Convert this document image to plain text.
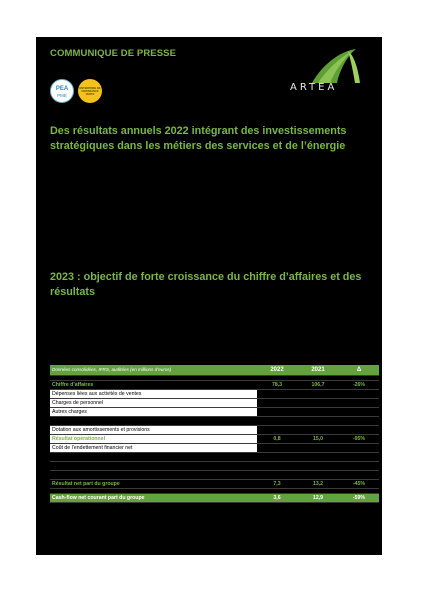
COMMUNIQUE DE PRESSE
PEA
PME
ENTERPRISE DE CROISSANCE VERTE
ARTEA
Des résultats annuels 2022 intégrant des investissements stratégiques dans les métiers des services et de l’énergie
2023 : objectif de forte croissance du chiffre d’affaires et des résultats
Données consolidées, IFRS, auditées (en millions d’euros)	2022	2021	Δ

Chiffre d’affaires	78,3	106,7	-26%
Dépenses liées aux activités de ventes			
Charges de personnel			
Autres charges			

Dotation aux amortissements et provisions			
Résultat opérationnel	0,8	15,0	-95%
Coût de l’endettement financier net			

Résultat net part du groupe	7,3	13,2	-45%

Cash-flow net courant part du groupe	3,6	12,9	-59%
